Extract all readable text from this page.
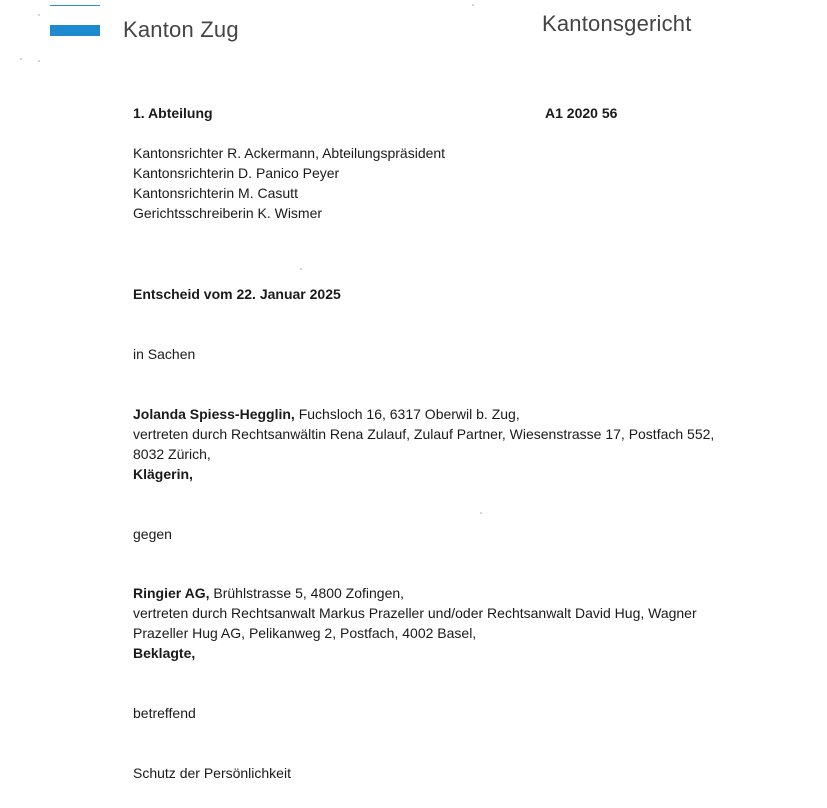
Kanton Zug	Kantonsgericht
1. Abteilung	A1 2020 56
Kantonsrichter R. Ackermann, Abteilungspräsident
Kantonsrichterin D. Panico Peyer
Kantonsrichterin M. Casutt
Gerichtsschreiberin K. Wismer
Entscheid vom 22. Januar 2025
in Sachen
Jolanda Spiess-Hegglin, Fuchsloch 16, 6317 Oberwil b. Zug,
vertreten durch Rechtsanwältin Rena Zulauf, Zulauf Partner, Wiesenstrasse 17, Postfach 552,
8032 Zürich,
Klägerin,
gegen
Ringier AG, Brühlstrasse 5, 4800 Zofingen,
vertreten durch Rechtsanwalt Markus Prazeller und/oder Rechtsanwalt David Hug, Wagner
Prazeller Hug AG, Pelikanweg 2, Postfach, 4002 Basel,
Beklagte,
betreffend
Schutz der Persönlichkeit
